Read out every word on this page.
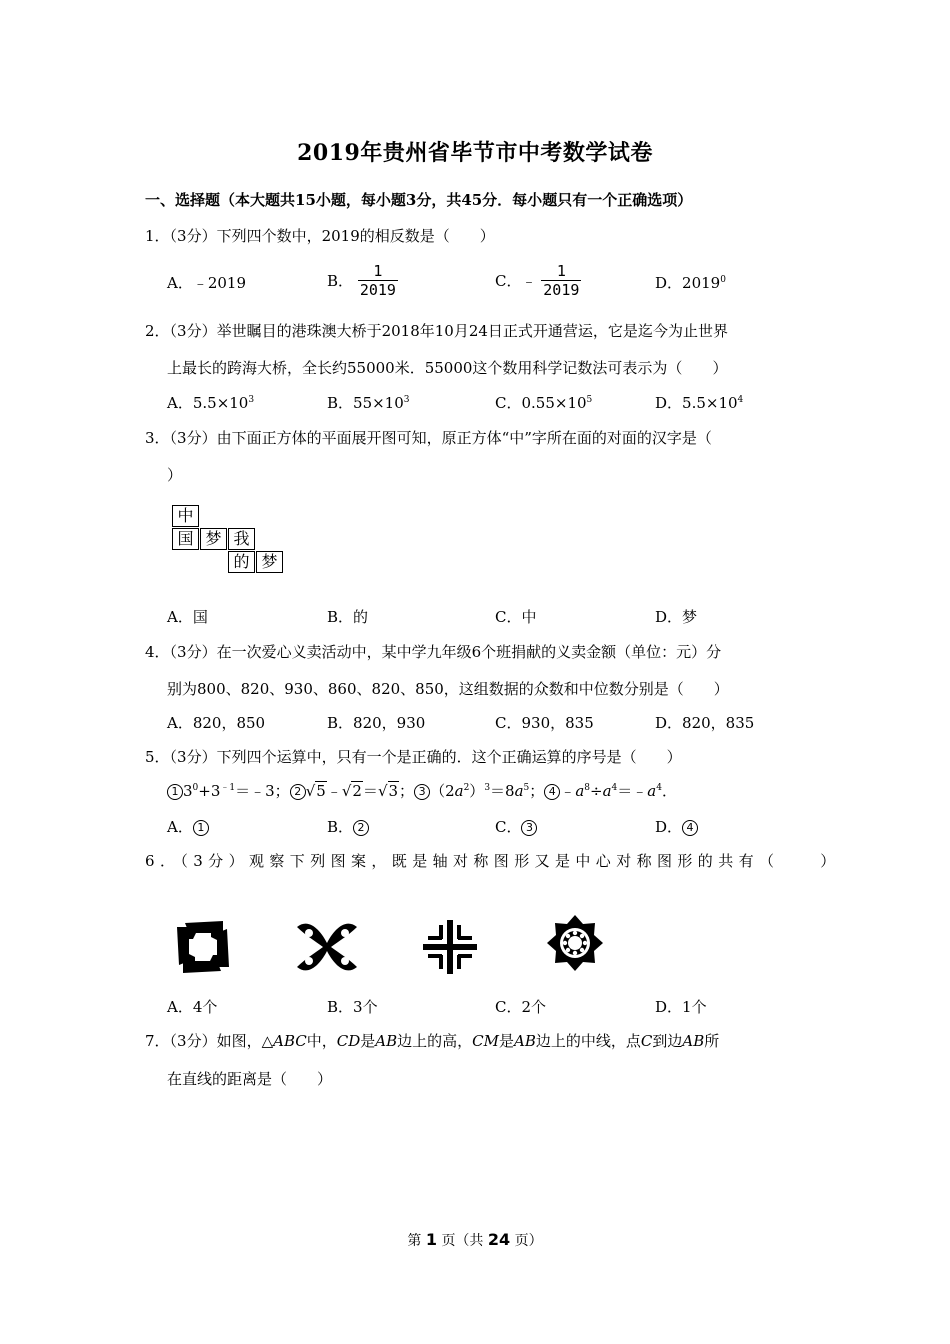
2019年贵州省毕节市中考数学试卷
一、选择题（本大题共15小题，每小题3分，共45分．每小题只有一个正确选项）
1．（3分）下列四个数中，2019的相反数是（　　）
A．﹣2019	B． $\frac{1}{2019}$	C．﹣ $\frac{1}{2019}$	D．2019$^0$
2．（3分）举世瞩目的港珠澳大桥于2018年10月24日正式开通营运，它是迄今为止世界
上最长的跨海大桥，全长约55000米．55000这个数用科学记数法可表示为（　　）
A．$5.5\times 10^3$	B．$55\times 10^3$	C．$0.55\times 10^5$	D．$5.5\times 10^4$
3．（3分）由下面正方体的平面展开图可知，原正方体“中”字所在面的对面的汉字是（
）
中
国 梦 我
的 梦
A．国	B．的	C．中	D．梦
4．（3分）在一次爱心义卖活动中，某中学九年级6个班捐献的义卖金额（单位：元）分
别为800、820、930、860、820、850，这组数据的众数和中位数分别是（　　）
A．820，850	B．820，930	C．930，835	D．820，835
5．（3分）下列四个运算中，只有一个是正确的．这个正确运算的序号是（　　）
1 $3^0+3^{﹣1}=﹣3$； 2 √5﹣√2＝√3； 3 $(2a^2)^3=8a^5$； 4 $﹣a^8\div a^4=﹣a^4$．
A． 1	B． 2	C． 3	D． 4
6．（3分）观察下列图案，既是轴对称图形又是中心对称图形的共有（　　）
A．4个	B．3个	C．2个	D．1个
7．（3分）如图，△ABC中，CD是AB边上的高，CM是AB边上的中线，点C到边AB所
在直线的距离是（　　）
第 1 页（共 24 页）
